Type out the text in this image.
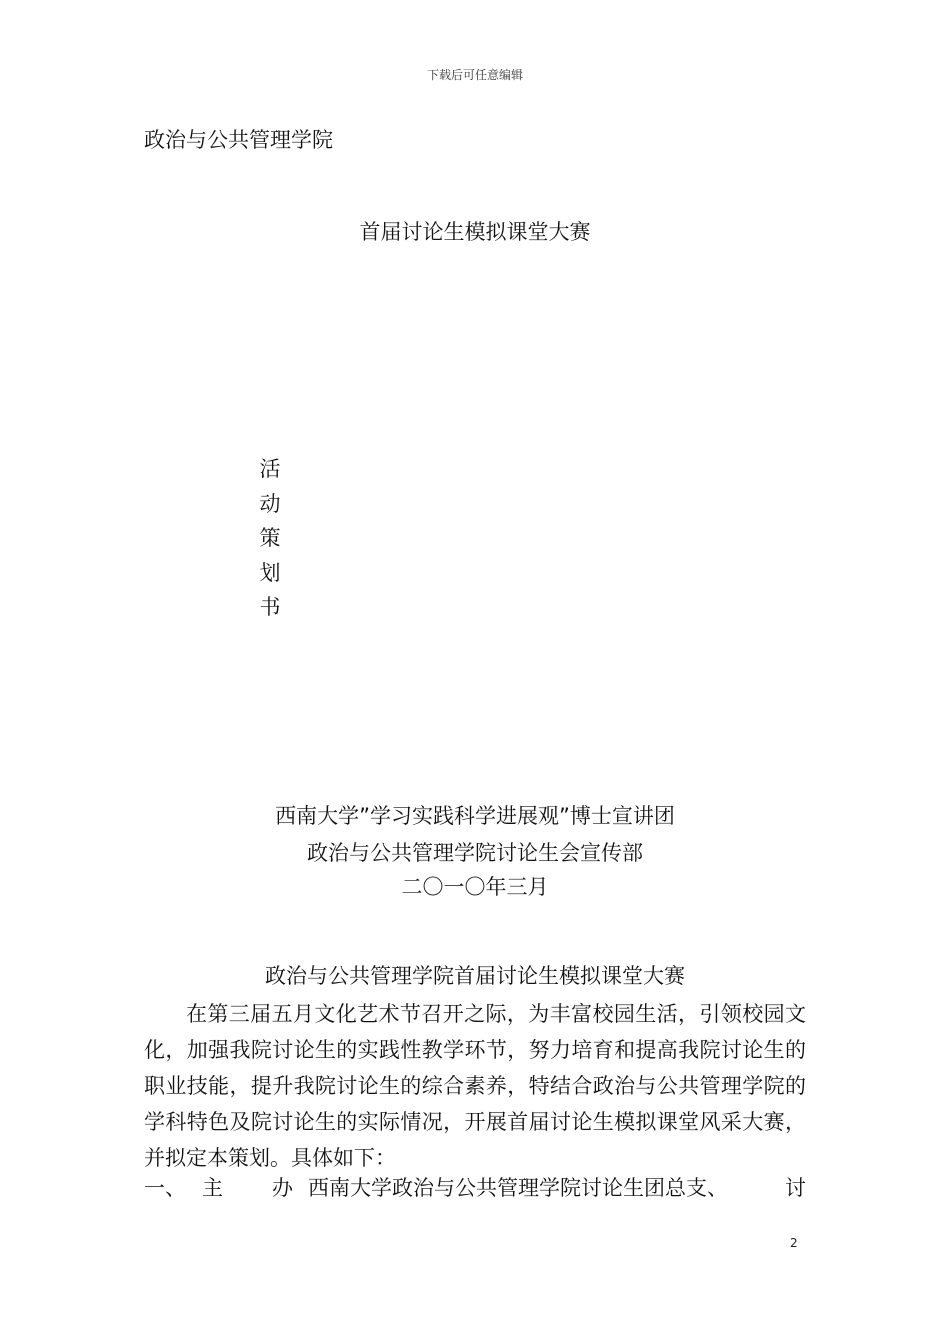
下载后可任意编辑
政治与公共管理学院
首届讨论生模拟课堂大赛
活
动
策
划
书
西南大学”学习实践科学进展观”博士宣讲团
政治与公共管理学院讨论生会宣传部
二〇一〇年三月
政治与公共管理学院首届讨论生模拟课堂大赛
在第三届五月文化艺术节召开之际，为丰富校园生活，引领校园文化，加强我院讨论生的实践性教学环节，努力培育和提高我院讨论生的职业技能，提升我院讨论生的综合素养，特结合政治与公共管理学院的学科特色及院讨论生的实际情况，开展首届讨论生模拟课堂风采大赛，并拟定本策划。具体如下：
一、 主	办 西南大学政治与公共管理学院讨论生团总支、	讨
2
